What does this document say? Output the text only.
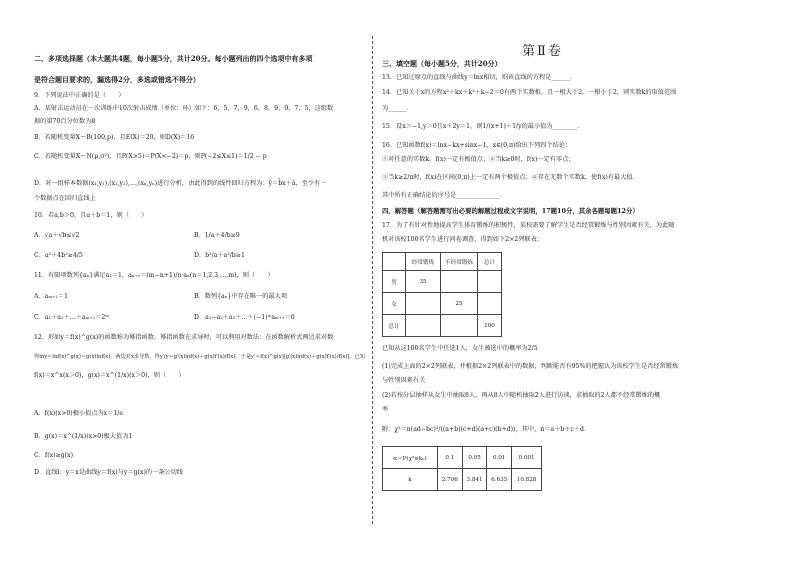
二、多项选择题（本大题共4题，每小题5分，共计20分。每小题列出的四个选项中有多项
是符合题目要求的，漏选得2分，多选或错选不得分）
9．下列说法中正确的是（　　）
A．某射击运动员在一次训练中10次射击成绩（单位：环）如下：6，5，7，9，6，8，9，9，7，5，这组数
据的第70百分位数为8
B．若随机变量X～B(100,p)，且E(X)＝20，则D(X)＝16
C．若随机变量X～N(μ,σ²)，且P(X>5)＝P(X<−2)＝p，则P(−2≤X≤1)＝1/2 − p
D．对一组样本数据(x₁,y₁),(x₂,y₂),…,(xₙ,yₙ)进行分析，由此得到的线性回归方程为：ŷ＝b̂x＋â，至少有一
个数据点在回归直线上
10．若a,b＞0，且a＋b＝1，则（　　）
A．√a＋√b≤√2	B．1/a＋4/b≥9
C．a²＋4b²≥4/5	D．b²/a＋a²/b≥1
11．有限项数列{aₙ}满足a₁＝1，aₙ₊₁＝(m−n+1)/n·aₙ(n＝1,2,3,…,m)，则（　　）
A．aₘ₊₁＝1	B．数列{aₙ}中存在唯一的最大项
C．a₁＋a₂＋…＋aₘ₊₁＝2ᵐ	D．a₁−a₂＋a₃＋…＋(−1)ᵐaₘ₊₁＝0
12．形如y＝f(x)^g(x)的函数称为幂指函数，幂指函数在求导时，可以利用对数法：在函数解析式两边求对数
得lny＝lnf(x)^g(x)＝g(x)lnf(x)，两边对x求导数，得y′/y＝g′(x)lnf(x)＋g(x)f′(x)/f(x)，于是y′＝f(x)^g(x)[g′(x)lnf(x)＋g(x)f′(x)/f(x)]，已知
f(x)＝x^x(x＞0)，g(x)＝x^(1/x)(x＞0)，则（　　）
A．f(x)(x>0)极小值点为x＝1/e
B．g(x)＝x^(1/x)(x>0)极大值为1
C．f(x)≥g(x)
D．直线l：y＝x是曲线y＝f(x)与y＝g(x)的一条公切线
第Ⅱ卷
三、填空题（每小题5分，共计20分）
13．已知过原点的直线与曲线y＝lnx相切，则该直线的方程是______．
14．已知关于x的方程x²＋kx＋k²＋k−2＝0有两个实数根，且一根大于2，一根小于2，则实数k的取值范围
为______．
15．设x＞−1,y＞0且x＋2y＝1，则1/(x+1)＋1/y的最小值为________．
16．已知函数f(x)＝lnx−kx+sinx−1，x∈(0,π)给出下列四个结论：
①对任意的实数k，f(x)一定有极值点；②当k≥0时，f(x)一定有零点；
③当k≥2/π时，f(x)在区间(0,π)上一定有两个极值点；④存在无数个实数k，使f(x)有最大值．
其中所有正确结论的序号是______________．
四、解答题（解答题需写出必要的解题过程或文字说明，17题10分，其余各题每题12分）
17．为了有针对性地提高学生体育锻炼的积极性，某校需要了解学生是否经常锻炼与性别因素有关，为此随
机对该校100名学生进行问卷调查，得到如下2×2列联表：
	经常锻炼	不经常锻炼	总计
男	35		
女		25	
总计			100
已知从这100名学生中任选1人，女生被选中的概率为2/5
(1)完成上面的2×2列联表，并根据2×2列联表中的数据，判断能否有95%的把握认为该校学生是否经常锻炼
与性别因素有关
(2)若按分层抽样从女生中抽取8人，再从8人中随机抽取2人进行访谈，求抽取的2人都不经常锻炼的概
率
附：χ²＝n(ad−bc)²/((a+b)(c+d)(a+c)(b+d))，其中，n＝a＋b＋c＋d．
α＝P(χ²≥k₀)	0.1	0.05	0.01	0.001
k	2.706	3.841	6.635	10.828
